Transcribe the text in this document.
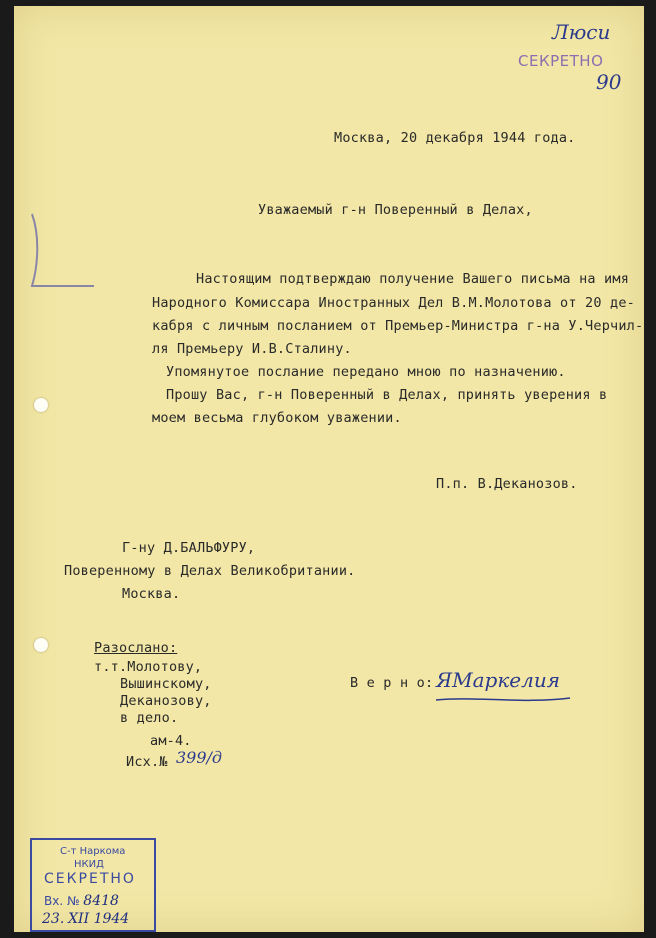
Люси
СЕКРЕТНО
90
Москва, 20 декабря 1944 года.
Уважаемый г-н Поверенный в Делах,
Настоящим подтверждаю получение Вашего письма на имя
Народного Комиссара Иностранных Дел В.М.Молотова от 20 де-
кабря с личным посланием от Премьер-Министра г-на У.Черчил-
ля Премьеру И.В.Сталину.
Упомянутое послание передано мною по назначению.
Прошу Вас, г-н Поверенный в Делах, принять уверения в
моем весьма глубоком уважении.
П.п. В.Деканозов.
Г-ну Д.БАЛЬФУРУ,
Поверенному в Делах Великобритании.
Москва.
Разослано:
т.т.Молотову,
Вышинскому,
Деканозову,
в дело.
ам-4.
Исх.№ 399/д
В е р н о: ЯМаркелия
С-т Наркома
НКИД
СЕКРЕТНО
Вх. № 8418
23. XII 1944
